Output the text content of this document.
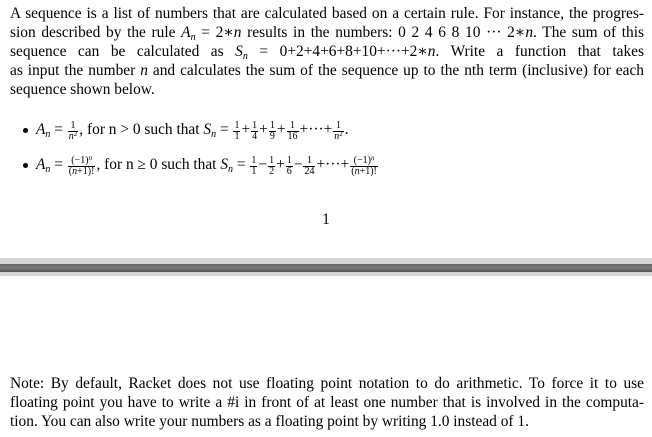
A sequence is a list of numbers that are calculated based on a certain rule. For instance, the progres-
sion described by the rule $A_n$ = 2∗n results in the numbers: 0 2 4 6 8 10 ··· 2∗n. The sum of this
sequence can be calculated as $S_n$ = 0+2+4+6+8+10+···+2∗n. Write a function that takes
as input the number n and calculates the sum of the sequence up to the nth term (inclusive) for each
sequence shown below.
$A_n = \frac{1}{n^2}$ , for n > 0 such that $S_n = \frac{1}{1} + \frac{1}{4} + \frac{1}{9} + \frac{1}{16}$ +···+ $\frac{1}{n^2}$ .
$A_n = \frac{(-1)^n}{(n+1)!}$ , for n ≥ 0 such that $S_n = \frac{1}{1} - \frac{1}{2} + \frac{1}{6} - \frac{1}{24}$ +···+ $\frac{(-1)^n}{(n+1)!}$
1
Note: By default, Racket does not use floating point notation to do arithmetic. To force it to use
floating point you have to write a #i in front of at least one number that is involved in the computa-
tion. You can also write your numbers as a floating point by writing 1.0 instead of 1.
